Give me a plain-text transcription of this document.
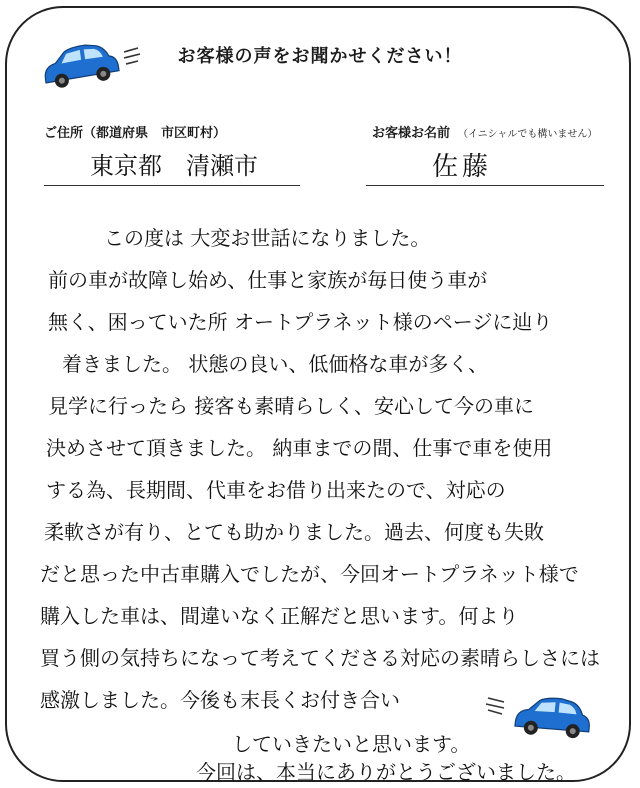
お客様の声をお聞かせください！
ご住所（都道府県　市区町村）
東京都　清瀬市
お客様お名前 （イニシャルでも構いません）
佐藤
この度は 大変お世話になりました。
前の車が故障し始め、仕事と家族が毎日使う車が
無く、困っていた所 オートプラネット様のページに辿り
着きました。 状態の良い、低価格な車が多く、
見学に行ったら 接客も素晴らしく、安心して今の車に
決めさせて頂きました。 納車までの間、仕事で車を使用
する為、長期間、代車をお借り出来たので、対応の
柔軟さが有り、とても助かりました。過去、何度も失敗
だと思った中古車購入でしたが、今回オートプラネット様で
購入した車は、間違いなく正解だと思います。何より
買う側の気持ちになって考えてくださる対応の素晴らしさには
感激しました。今後も末長くお付き合い
していきたいと思います。
今回は、本当にありがとうございました。
